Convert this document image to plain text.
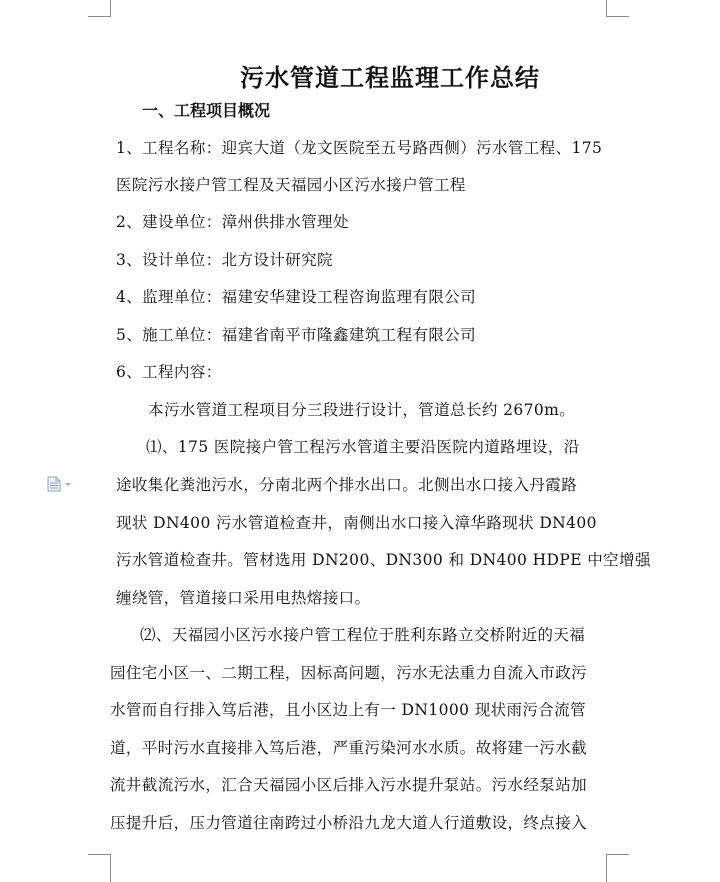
污水管道工程监理工作总结
一、工程项目概况
1、工程名称：迎宾大道（龙文医院至五号路西侧）污水管工程、175
医院污水接户管工程及天福园小区污水接户管工程
2、建设单位：漳州供排水管理处
3、设计单位：北方设计研究院
4、监理单位：福建安华建设工程咨询监理有限公司
5、施工单位：福建省南平市隆鑫建筑工程有限公司
6、工程内容：
本污水管道工程项目分三段进行设计，管道总长约 2670m。
⑴、175 医院接户管工程污水管道主要沿医院内道路埋设，沿
途收集化粪池污水，分南北两个排水出口。北侧出水口接入丹霞路
现状 DN400 污水管道检查井，南侧出水口接入漳华路现状 DN400
污水管道检查井。管材选用 DN200、DN300 和 DN400 HDPE 中空增强
缠绕管，管道接口采用电热熔接口。
⑵、天福园小区污水接户管工程位于胜利东路立交桥附近的天福
园住宅小区一、二期工程，因标高问题，污水无法重力自流入市政污
水管而自行排入笃后港，且小区边上有一 DN1000 现状雨污合流管
道，平时污水直接排入笃后港，严重污染河水水质。故将建一污水截
流井截流污水，汇合天福园小区后排入污水提升泵站。污水经泵站加
压提升后，压力管道往南跨过小桥沿九龙大道人行道敷设，终点接入
